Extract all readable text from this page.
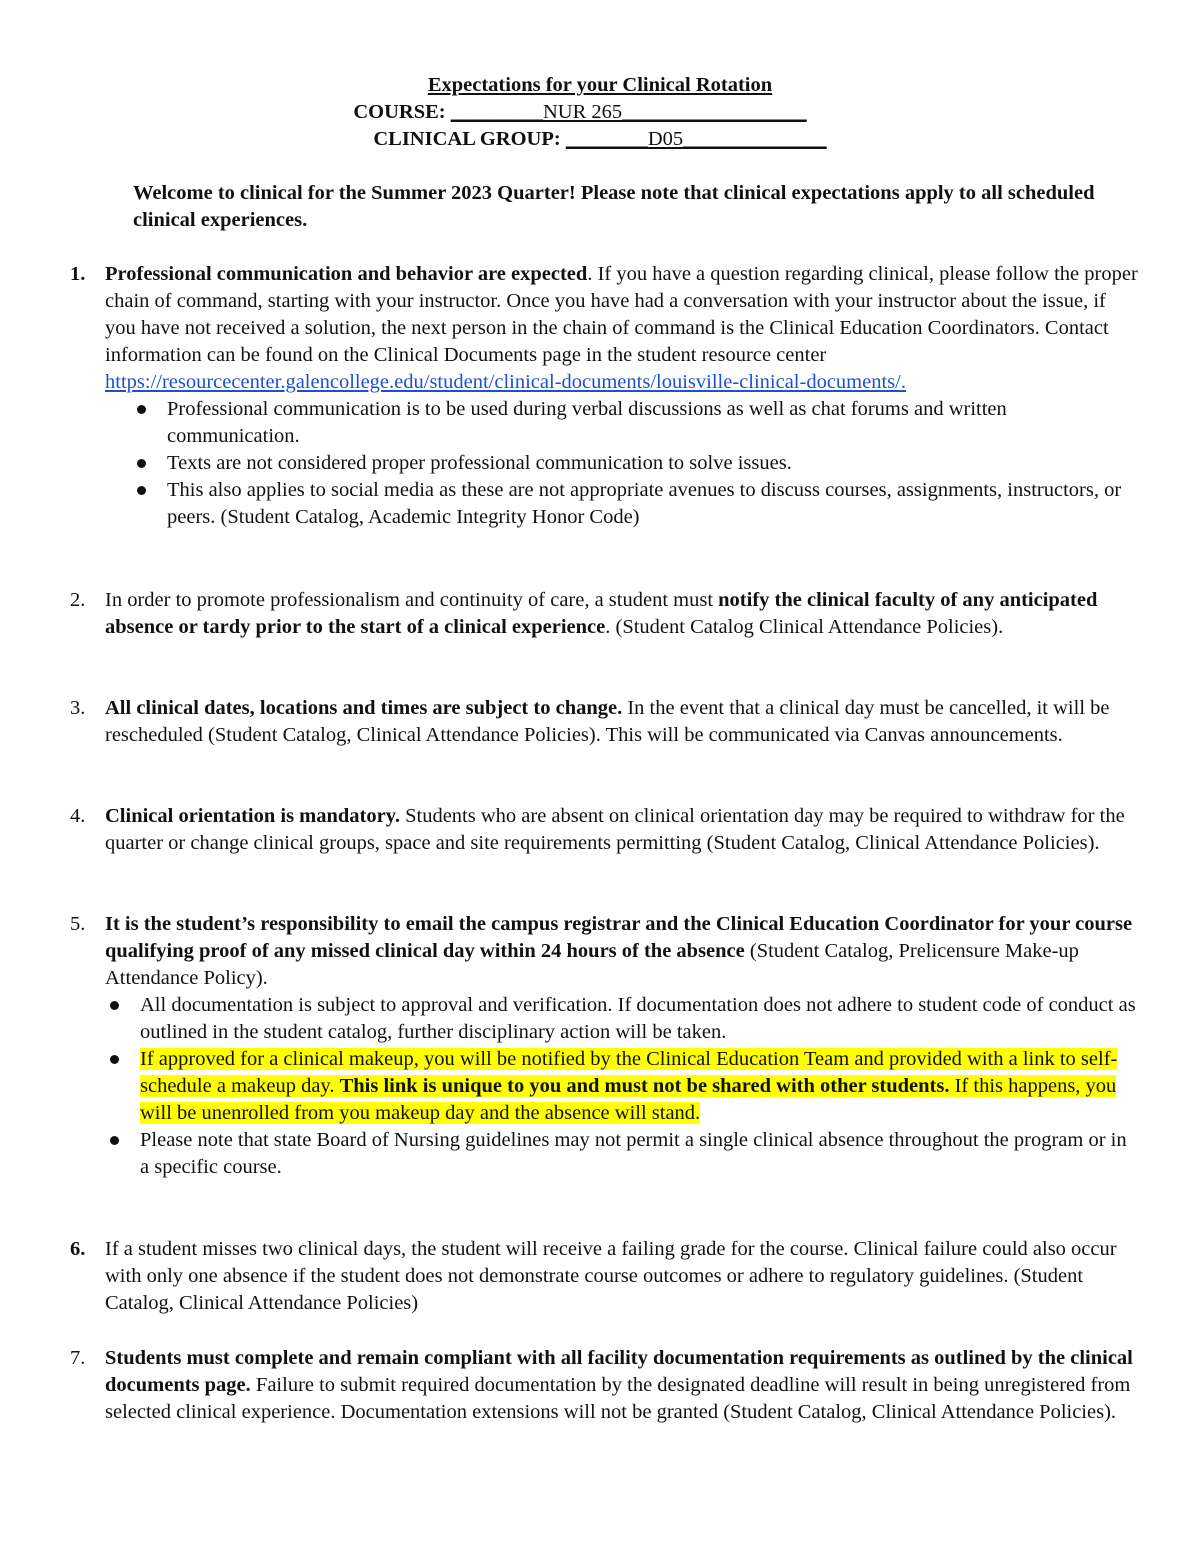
Expectations for your Clinical Rotation
COURSE: _________NUR 265__________________
CLINICAL GROUP: ________D05______________
Welcome to clinical for the Summer 2023 Quarter! Please note that clinical expectations apply to all scheduled clinical experiences.
1. Professional communication and behavior are expected. If you have a question regarding clinical, please follow the proper chain of command, starting with your instructor. Once you have had a conversation with your instructor about the issue, if you have not received a solution, the next person in the chain of command is the Clinical Education Coordinators. Contact information can be found on the Clinical Documents page in the student resource center
https://resourcecenter.galencollege.edu/student/clinical-documents/louisville-clinical-documents/.
Professional communication is to be used during verbal discussions as well as chat forums and written communication.
Texts are not considered proper professional communication to solve issues.
This also applies to social media as these are not appropriate avenues to discuss courses, assignments, instructors, or peers. (Student Catalog, Academic Integrity Honor Code)
2. In order to promote professionalism and continuity of care, a student must notify the clinical faculty of any anticipated absence or tardy prior to the start of a clinical experience. (Student Catalog Clinical Attendance Policies).
3. All clinical dates, locations and times are subject to change. In the event that a clinical day must be cancelled, it will be rescheduled (Student Catalog, Clinical Attendance Policies). This will be communicated via Canvas announcements.
4. Clinical orientation is mandatory. Students who are absent on clinical orientation day may be required to withdraw for the quarter or change clinical groups, space and site requirements permitting (Student Catalog, Clinical Attendance Policies).
5. It is the student’s responsibility to email the campus registrar and the Clinical Education Coordinator for your course qualifying proof of any missed clinical day within 24 hours of the absence (Student Catalog, Prelicensure Make-up Attendance Policy).
All documentation is subject to approval and verification. If documentation does not adhere to student code of conduct as outlined in the student catalog, further disciplinary action will be taken.
If approved for a clinical makeup, you will be notified by the Clinical Education Team and provided with a link to self-schedule a makeup day. This link is unique to you and must not be shared with other students. If this happens, you will be unenrolled from you makeup day and the absence will stand.
Please note that state Board of Nursing guidelines may not permit a single clinical absence throughout the program or in a specific course.
6. If a student misses two clinical days, the student will receive a failing grade for the course. Clinical failure could also occur with only one absence if the student does not demonstrate course outcomes or adhere to regulatory guidelines. (Student Catalog, Clinical Attendance Policies)
7. Students must complete and remain compliant with all facility documentation requirements as outlined by the clinical documents page. Failure to submit required documentation by the designated deadline will result in being unregistered from selected clinical experience. Documentation extensions will not be granted (Student Catalog, Clinical Attendance Policies).
